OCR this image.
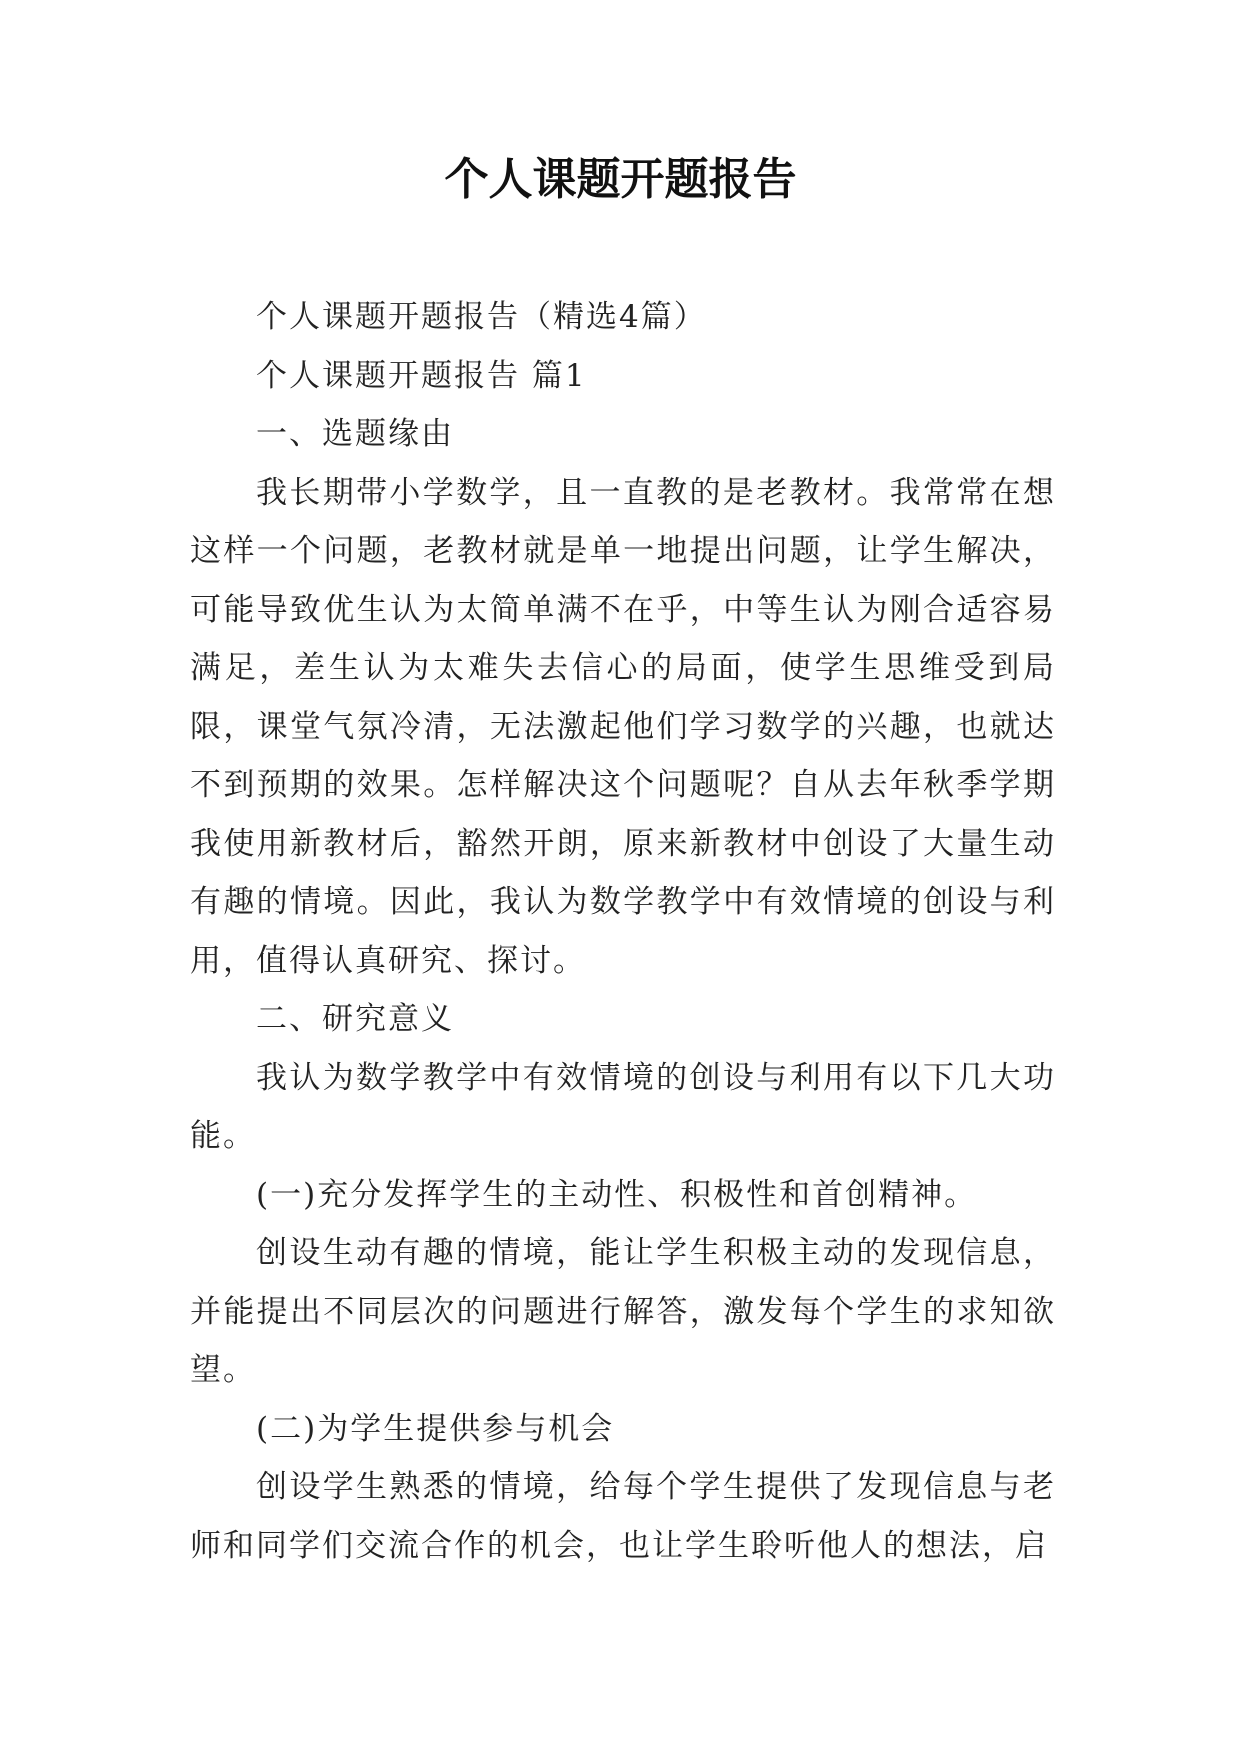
个人课题开题报告

个人课题开题报告（精选4篇）

个人课题开题报告 篇1

一、选题缘由

我长期带小学数学，且一直教的是老教材。我常常在想这样一个问题，老教材就是单一地提出问题，让学生解决，可能导致优生认为太简单满不在乎，中等生认为刚合适容易满足，差生认为太难失去信心的局面，使学生思维受到局限，课堂气氛冷清，无法激起他们学习数学的兴趣，也就达不到预期的效果。怎样解决这个问题呢？自从去年秋季学期我使用新教材后，豁然开朗，原来新教材中创设了大量生动有趣的情境。因此，我认为数学教学中有效情境的创设与利用，值得认真研究、探讨。

二、研究意义

我认为数学教学中有效情境的创设与利用有以下几大功能。

(一)充分发挥学生的主动性、积极性和首创精神。

创设生动有趣的情境，能让学生积极主动的发现信息，并能提出不同层次的问题进行解答，激发每个学生的求知欲望。

(二)为学生提供参与机会

创设学生熟悉的情境，给每个学生提供了发现信息与老师和同学们交流合作的机会，也让学生聆听他人的想法，启
